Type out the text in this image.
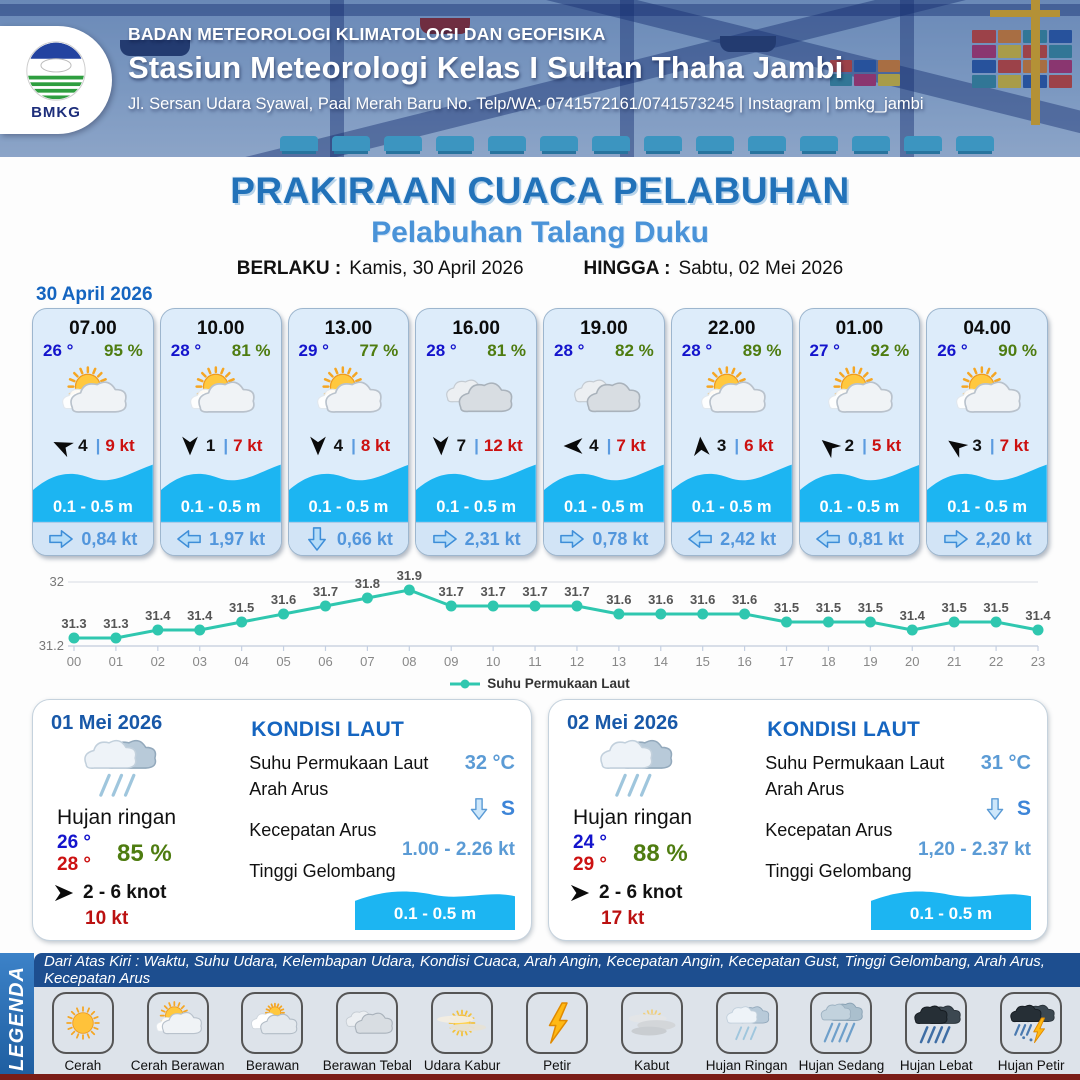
BMKG
BADAN METEOROLOGI KLIMATOLOGI DAN GEOFISIKA
Stasiun Meteorologi Kelas I Sultan Thaha Jambi
Jl. Sersan Udara Syawal, Paal Merah Baru No. Telp/WA: 0741572161/0741573245 | Instagram | bmkg_jambi
PRAKIRAAN CUACA PELABUHAN
Pelabuhan Talang Duku
BERLAKU : Kamis, 30 April 2026	HINGGA : Sabtu, 02 Mei 2026
30 April 2026
07.00
26 ° 95 %
4 | 9 kt
0.1 - 0.5 m
0,84 kt
10.00
28 ° 81 %
1 | 7 kt
0.1 - 0.5 m
1,97 kt
13.00
29 ° 77 %
4 | 8 kt
0.1 - 0.5 m
0,66 kt
16.00
28 ° 81 %
7 | 12 kt
0.1 - 0.5 m
2,31 kt
19.00
28 ° 82 %
4 | 7 kt
0.1 - 0.5 m
0,78 kt
22.00
28 ° 89 %
3 | 6 kt
0.1 - 0.5 m
2,42 kt
01.00
27 ° 92 %
2 | 5 kt
0.1 - 0.5 m
0,81 kt
04.00
26 ° 90 %
3 | 7 kt
0.1 - 0.5 m
2,20 kt
32
31.2
31.3
00
31.3
01
31.4
02
31.4
03
31.5
04
31.6
05
31.7
06
31.8
07
31.9
08
31.7
09
31.7
10
31.7
11
31.7
12
31.6
13
31.6
14
31.6
15
31.6
16
31.5
17
31.5
18
31.5
19
31.4
20
31.5
21
31.5
22
31.4
23
Suhu Permukaan Laut
01 Mei 2026
Hujan ringan
26 °	85 %
28 °
2 - 6 knot
10 kt
KONDISI LAUT
Suhu Permukaan Laut 32 °C
Arah Arus
S
Kecepatan Arus
1.00 - 2.26 kt
Tinggi Gelombang
0.1 - 0.5 m
02 Mei 2026
Hujan ringan
24 °	88 %
29 °
2 - 6 knot
17 kt
KONDISI LAUT
Suhu Permukaan Laut 31 °C
Arah Arus
S
Kecepatan Arus
1,20 - 2.37 kt
Tinggi Gelombang
0.1 - 0.5 m
LEGENDA
Dari Atas Kiri : Waktu, Suhu Udara, Kelembapan Udara, Kondisi Cuaca, Arah Angin, Kecepatan Angin, Kecepatan Gust, Tinggi Gelombang, Arah Arus, Kecepatan Arus
Cerah Cerah Berawan Berawan Berawan Tebal Udara Kabur	Petir	Kabut	Hujan Ringan Hujan Sedang Hujan Lebat Hujan Petir
